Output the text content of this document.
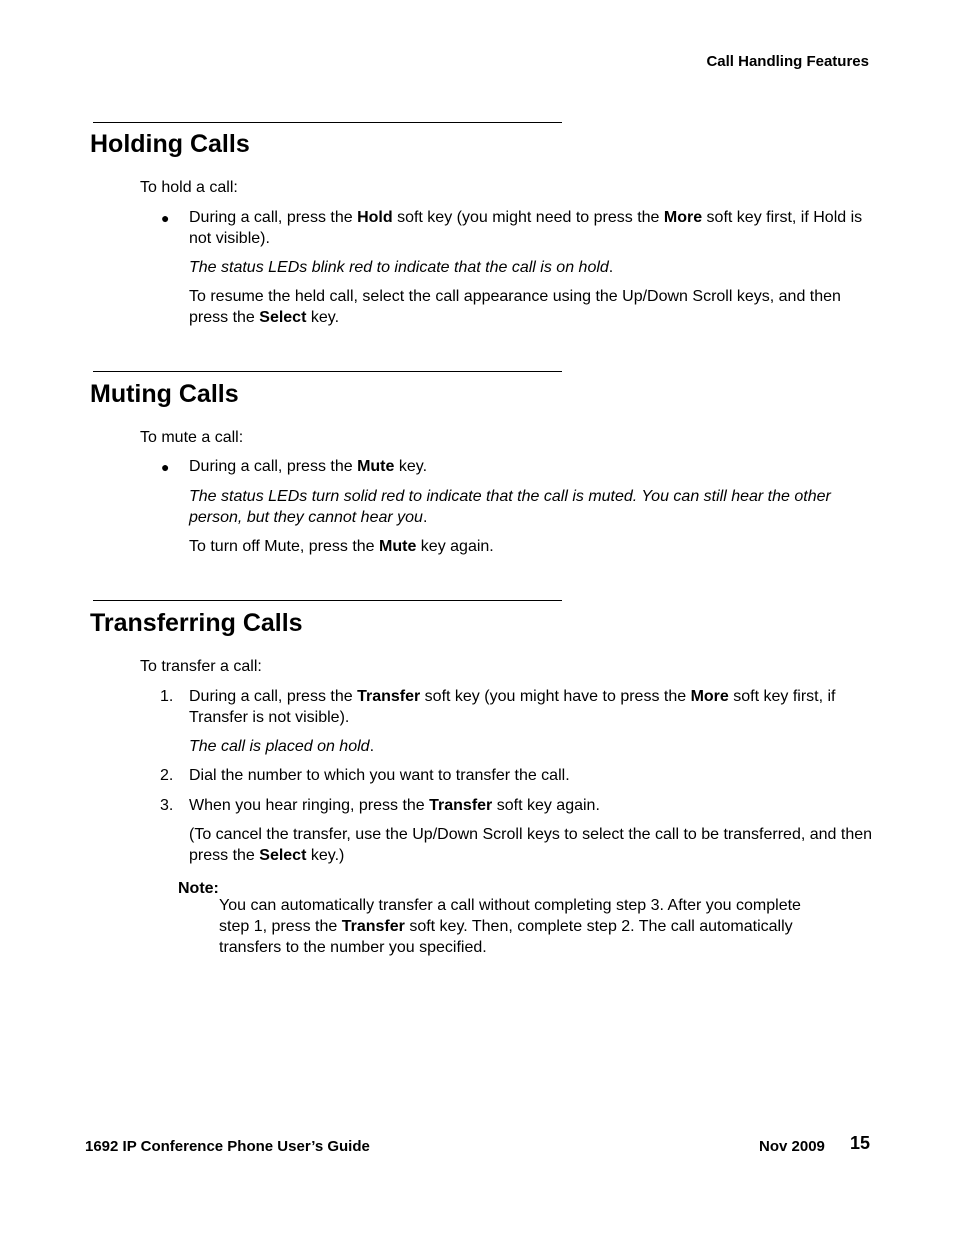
Call Handling Features
Holding Calls
To hold a call:
● During a call, press the Hold soft key (you might need to press the More soft key first, if Hold is not visible).
The status LEDs blink red to indicate that the call is on hold.
To resume the held call, select the call appearance using the Up/Down Scroll keys, and then press the Select key.
Muting Calls
To mute a call:
● During a call, press the Mute key.
The status LEDs turn solid red to indicate that the call is muted. You can still hear the other person, but they cannot hear you.
To turn off Mute, press the Mute key again.
Transferring Calls
To transfer a call:
1. During a call, press the Transfer soft key (you might have to press the More soft key first, if Transfer is not visible).
The call is placed on hold.
2. Dial the number to which you want to transfer the call.
3. When you hear ringing, press the Transfer soft key again.
(To cancel the transfer, use the Up/Down Scroll keys to select the call to be transferred, and then press the Select key.)
Note:
You can automatically transfer a call without completing step 3. After you complete step 1, press the Transfer soft key. Then, complete step 2. The call automatically transfers to the number you specified.
1692 IP Conference Phone User’s Guide	Nov 2009 15
